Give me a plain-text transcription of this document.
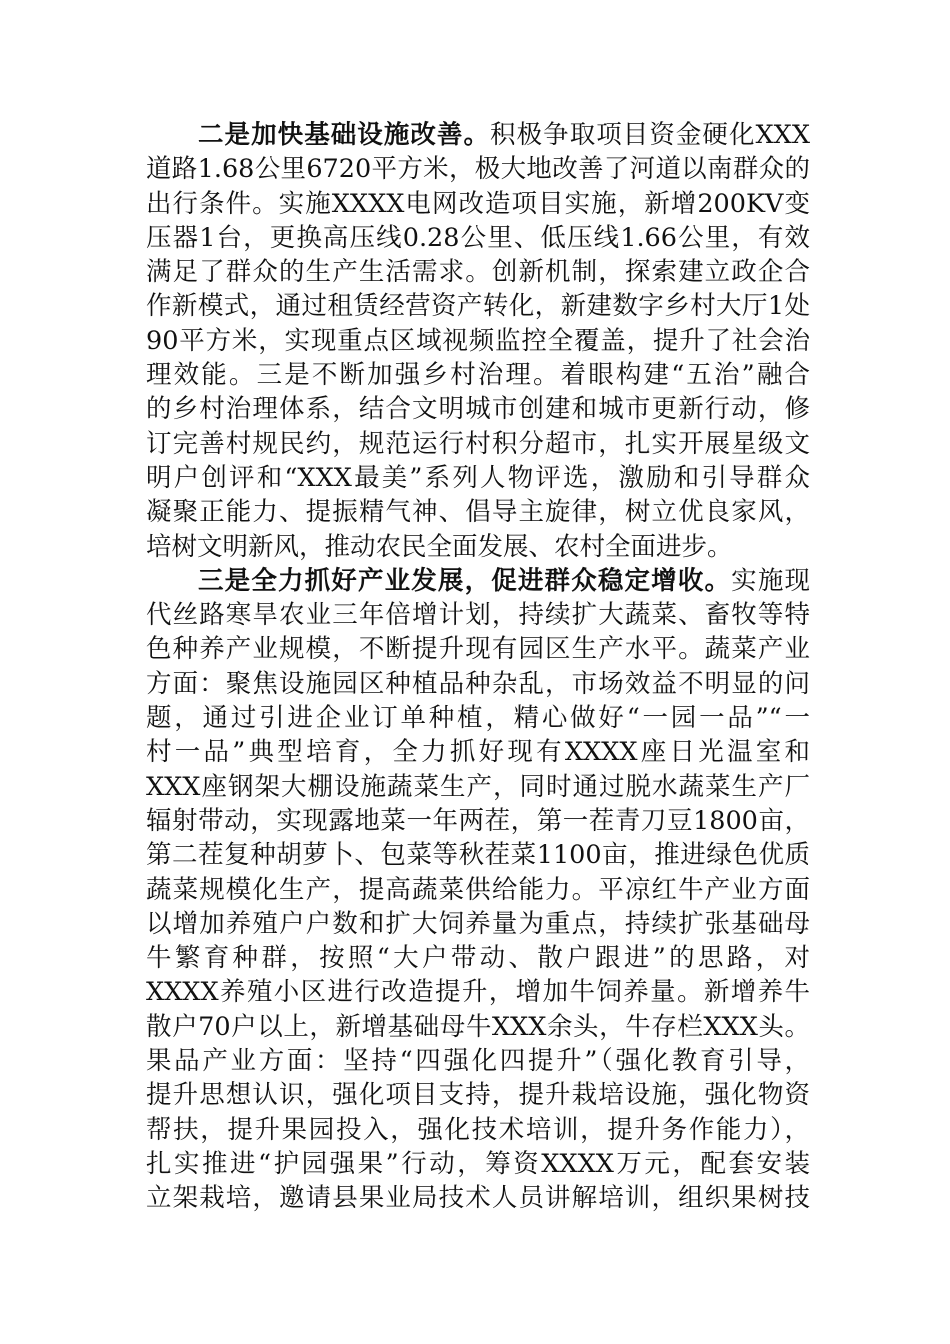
二是加快基础设施改善。积极争取项目资金硬化XXX
道路1.68公里6720平方米，极大地改善了河道以南群众的
出行条件。实施XXXX电网改造项目实施，新增200KV变
压器1台，更换高压线0.28公里、低压线1.66公里，有效
满足了群众的生产生活需求。创新机制，探索建立政企合
作新模式，通过租赁经营资产转化，新建数字乡村大厅1处
90平方米，实现重点区域视频监控全覆盖，提升了社会治
理效能。三是不断加强乡村治理。着眼构建“五治”融合
的乡村治理体系，结合文明城市创建和城市更新行动，修
订完善村规民约，规范运行村积分超市，扎实开展星级文
明户创评和“XXX最美”系列人物评选，激励和引导群众
凝聚正能力、提振精气神、倡导主旋律，树立优良家风，
培树文明新风，推动农民全面发展、农村全面进步。
三是全力抓好产业发展，促进群众稳定增收。实施现
代丝路寒旱农业三年倍增计划，持续扩大蔬菜、畜牧等特
色种养产业规模，不断提升现有园区生产水平。蔬菜产业
方面：聚焦设施园区种植品种杂乱，市场效益不明显的问
题，通过引进企业订单种植，精心做好“一园一品”“一
村一品”典型培育，全力抓好现有XXXX座日光温室和
XXX座钢架大棚设施蔬菜生产，同时通过脱水蔬菜生产厂
辐射带动，实现露地菜一年两茬，第一茬青刀豆1800亩，
第二茬复种胡萝卜、包菜等秋茬菜1100亩，推进绿色优质
蔬菜规模化生产，提高蔬菜供给能力。平凉红牛产业方面
以增加养殖户户数和扩大饲养量为重点，持续扩张基础母
牛繁育种群，按照“大户带动、散户跟进”的思路，对
XXXX养殖小区进行改造提升，增加牛饲养量。新增养牛
散户70户以上，新增基础母牛XXX余头，牛存栏XXX头。
果品产业方面：坚持“四强化四提升”（强化教育引导，
提升思想认识，强化项目支持，提升栽培设施，强化物资
帮扶，提升果园投入，强化技术培训，提升务作能力），
扎实推进“护园强果”行动，筹资XXXX万元，配套安装
立架栽培，邀请县果业局技术人员讲解培训，组织果树技
